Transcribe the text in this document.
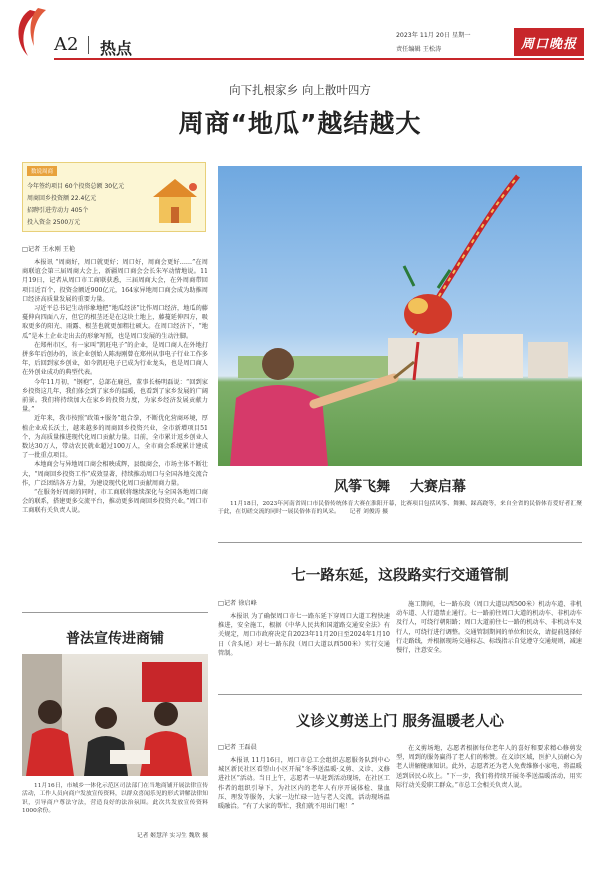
A2 热点
2023年 11月 20日 星期一
责任编辑 王松涛	周口晚报
向下扎根家乡 向上散叶四方
周商“地瓜”越结越大
数说周商
今年签约项目 60个投资总额 30亿元
周商回乡投资额 22.4亿元
招聘引进劳动力 405个
投入资金 2500万元
□记者 王永刚 王艳

本报讯 “周商好，周口就更好；周口好，周商会更好……”在周商联谊会第三届周商大会上，新疆周口商会会长朱军动情地说。11月19日，记者从周口市工商联获悉，三届周商大会，在外周商带回项目近百个，投资金额近900亿元，164家异地周口商会成为助推周口经济高质量发展的重要力量。

习近平总书记生动形象地把“地瓜经济”比作周口经济，地瓜的藤蔓伸向四面八方，但它的根茎还是在这块土地上，藤蔓延伸四方，吸取更多的阳光、雨露、根茎也就更加粗壮硕大。在周口经济下，“地瓜”是本土企业走出去的形象写照，也是周口发展的生动注脚。

在郑州市区，有一家叫“凯旺电子”的企业，是周口商人在外地打拼多年后创办的，该企业创始人陈海刚曾在郑州从事电子行业工作多年，后回到家乡创业，如今凯旺电子已成为行业龙头，也是周口商人在外创业成功的典型代表。

今年11月初，“钢袍”，总部在鹿邑，董事长杨明磊说：“回到家乡投资这几年，我们体会到了家乡的温暖，也看到了家乡发展的广阔前景。我们将持续加大在家乡的投资力度，为家乡经济发展贡献力量。”

近年来，我市按照“政策+服务”组合拳，不断优化营商环境，厚植企业成长沃土，越来越多的周商回乡投资兴业，全市新增项目51个，为高质量推进现代化周口贡献力量。目前，全市累计返乡创业人数达30万人，带动农民就业超过100万人，全市商会系统累计建成了一批重点项目。

本地商会与异地周口商会相映成辉，县级商会，市场主体不断壮大，“周商回乡投资工作”成效显著，持续推动周口与全国各地交流合作，广泛团结各方力量，为建设现代化周口贡献周商力量。

“在服务好周商的同时，市工商联将继续深化与全国各地周口商会的联系，搭建更多交流平台，推动更多周商回乡投资兴业。”周口市工商联有关负责人说。

风筝飞舞 大赛启幕
11月18日，2023年河南省周口市民俗传统体育大赛在淮阳开幕，比赛项目包括风筝、舞狮、踩高跷等，来自全省的民俗体育爱好者汇聚于此，在切磋交流的同时一展民俗体育的风采。 记者 刘俊涛 摄
七一路东延，这段路实行交通管制
□记者 徐启峰
本报讯 为了确保周口市七一路东延下穿周口大道工程快速推进，安全施工，根据《中华人民共和国道路交通安全法》有关规定，周口市政府决定自2023年11月20日至2024年1月10日（含头尾）对七一路东段（周口大道以西500米）实行交通管制。
施工期间，七一路东段（周口大道以西500米）机动车道、非机动车道、人行道禁止通行。七一路前往周口大道的机动车、非机动车及行人，可绕行朝阳路；周口大道前往七一路的机动车、非机动车及行人，可绕行进行调整。交通管制期间的单位和民众，请提前选择好行走路线，并根据现场交通标志、标线指示自觉遵守交通规则，减速慢行，注意安全。
普法宣传进商铺
11月16日，市城乡一体化示范区司法部门在当地商铺开展法律宣传活动，工作人员向商户发放宣传资料，以群众喜闻乐见的形式讲解法律知识，引导商户尊法守法，营造良好的法治氛围。此次共发放宣传资料1000余份。
记者 姬慧洋 实习生 魏欣 摄
义诊义剪送上门 服务温暖老人心
□记者 王磊晨
本报讯 11月16日，周口市总工会组织志愿服务队到中心城区新民社区看望山小区开展“冬季送温暖·义剪、义诊、义修进社区”活动。当日上午，志愿者一早赶到活动现场，在社区工作者的组织引导下，为社区内的老年人有序开展体检、量血压、理发等服务，大家一边忙碌一边与老人交流，活动现场温暖融洽。“有了大家的帮忙，我们就不用出门啦！”
在义剪场地，志愿者根据每位老年人的喜好和要求精心修剪发型，周到的服务赢得了老人们的称赞。在义诊区域，医护人员耐心为老人讲解健康知识。此外，志愿者还为老人免费维修小家电，将温暖送到居民心坎上。“下一步，我们将持续开展冬季送温暖活动，用实际行动关爱职工群众。”市总工会相关负责人说。
